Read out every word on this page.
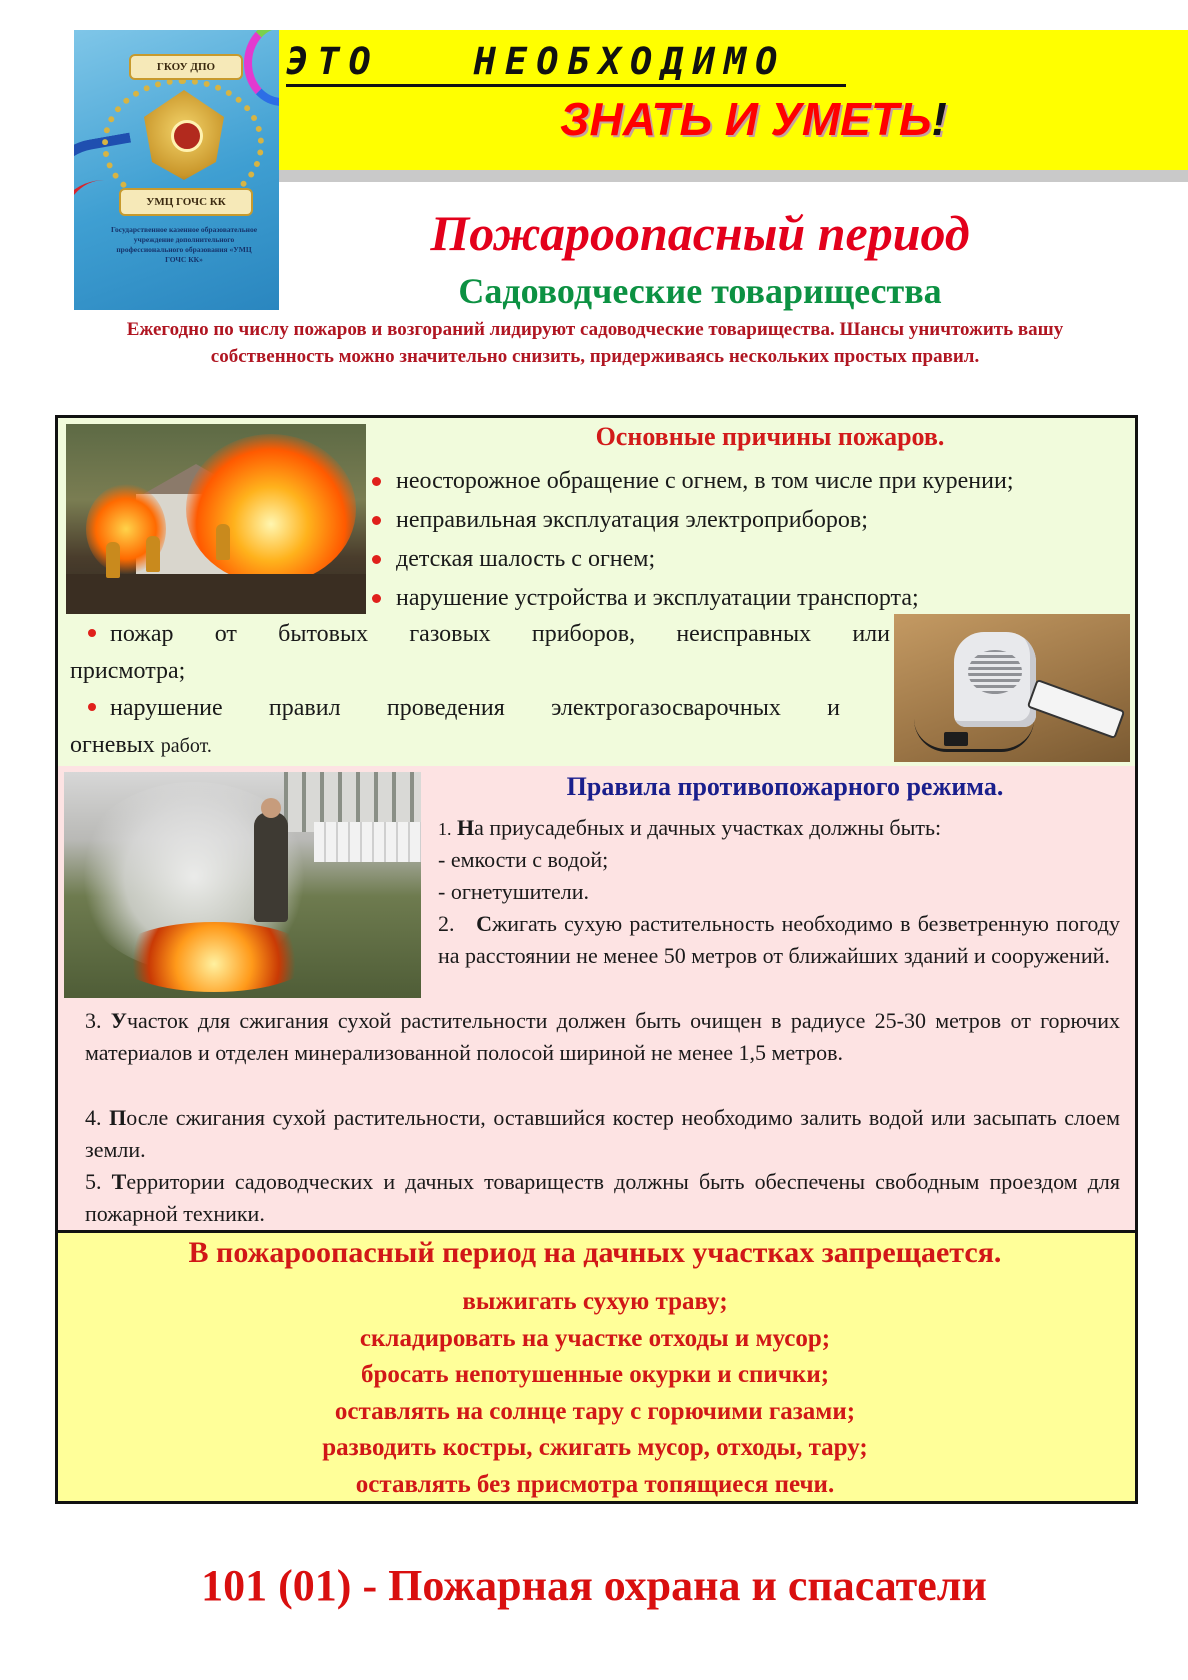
ГКОУ ДПО
УМЦ ГОЧС КК
Государственное казенное образовательное учреждение дополнительного профессионального образования «УМЦ ГОЧС КК»
ЭТО   НЕОБХОДИМО
ЗНАТЬ И УМЕТЬ!
Пожароопасный период
Садоводческие товарищества
Ежегодно по числу пожаров и возгораний лидируют садоводческие товарищества. Шансы уничтожить вашу собственность можно значительно снизить, придерживаясь нескольких простых правил.
Основные причины пожаров.
неосторожное обращение с огнем, в том числе при курении;
неправильная эксплуатация электроприборов;
детская шалость с огнем;
нарушение устройства и эксплуатации транспорта;

пожар от бытовых газовых приборов, неисправных или

присмотра;

нарушение правил проведения электрогазосварочных и

огневых работ.

Правила противопожарного режима.

1. На приусадебных и дачных участках должны быть:

- емкости с водой;

- огнетушители.

2. Сжигать сухую растительность необходимо в безветренную погоду на расстоянии не менее 50 метров от ближайших зданий и сооружений.

3. Участок для сжигания сухой растительности должен быть очищен в радиусе 25-30 метров от горючих материалов и отделен минерализованной полосой шириной не менее 1,5 метров.

4. После сжигания сухой растительности, оставшийся костер необходимо залить водой или засыпать слоем земли.

5. Территории садоводческих и дачных товариществ должны быть обеспечены свободным проездом для пожарной техники.

В пожароопасный период на дачных участках запрещается.
выжигать сухую траву;
складировать на участке отходы и мусор;
бросать непотушенные окурки и спички;
оставлять на солнце тару с горючими газами;
разводить костры, сжигать мусор, отходы, тару;
оставлять без присмотра топящиеся печи.
101 (01) - Пожарная охрана и спасатели
